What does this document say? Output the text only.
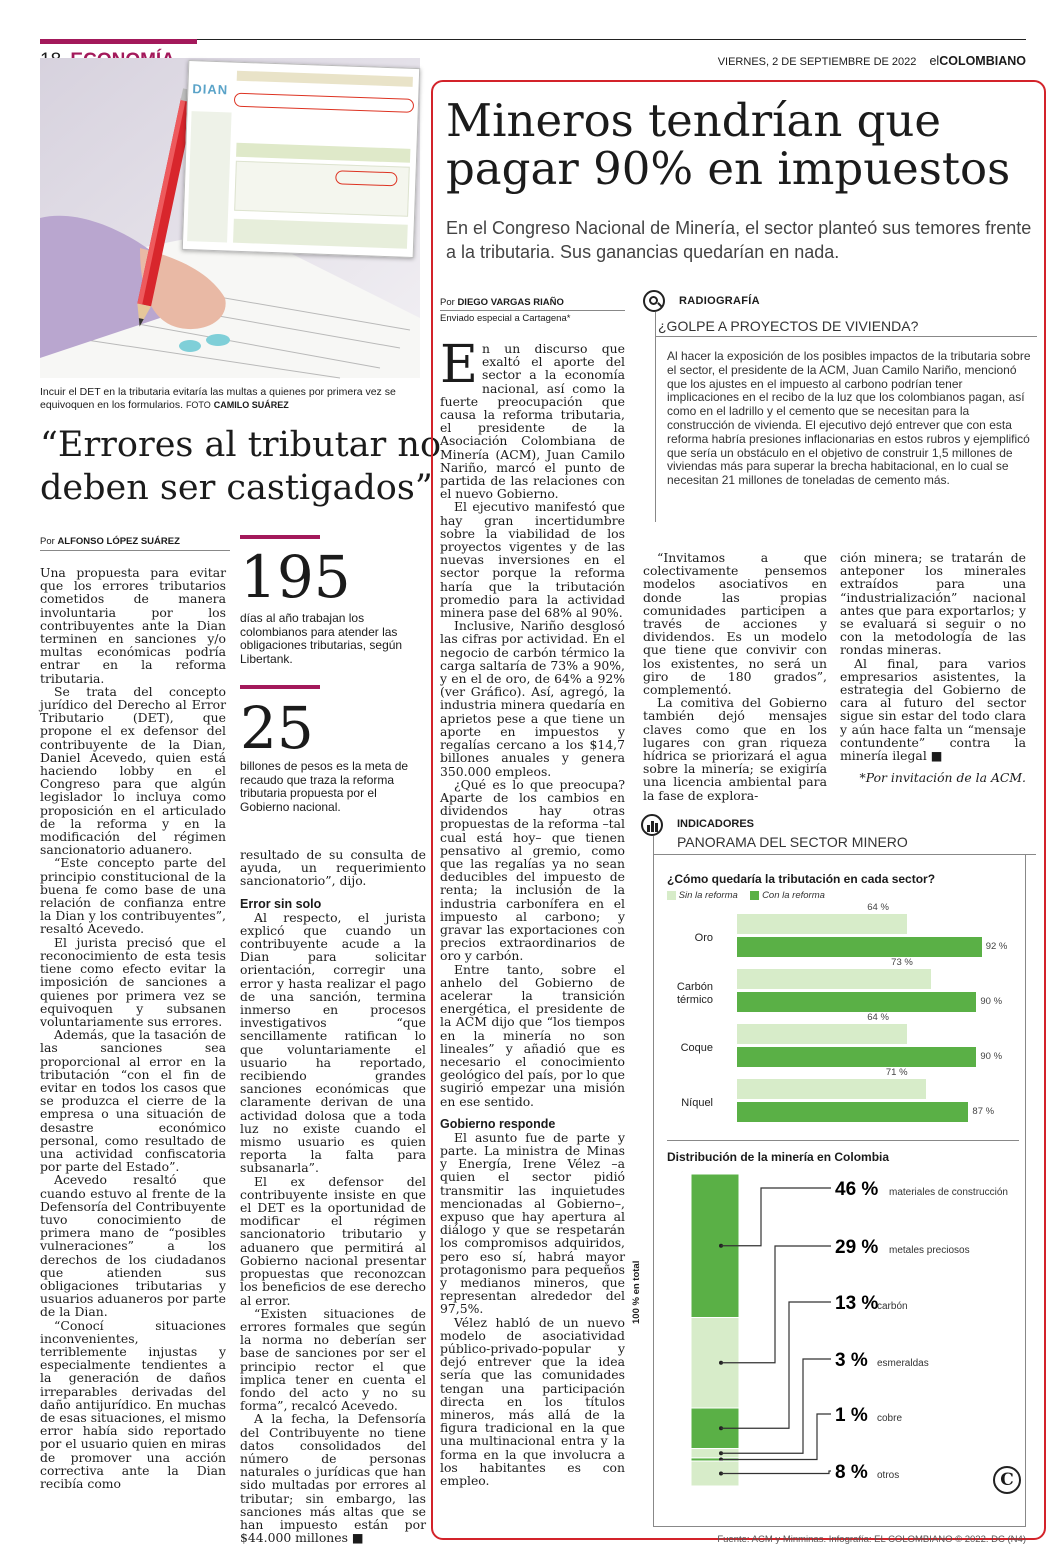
VIERNES, 2 DE SEPTIEMBRE DE 2022 elCOLOMBIANO
DIAN
Incuir el DET en la tributaria evitaría las multas a quienes por primera vez se equivoquen en los formularios. FOTO CAMILO SUÁREZ
“Errores al tributar no
deben ser castigados”
Por ALFONSO LÓPEZ SUÁREZ
195
días al año trabajan los colombianos para atender las obligaciones tributarias, según Libertank.
25
billones de pesos es la meta de recaudo que traza la reforma tributaria propuesta por el Gobierno nacional.

Una propuesta para evitar que los errores tributarios cometidos de manera involuntaria por los contribuyentes ante la Dian terminen en sanciones y/o multas económicas podría entrar en la reforma tributaria.

Se trata del concepto jurídico del Derecho al Error Tributario (DET), que propone el ex defensor del contribuyente de la Dian, Daniel Acevedo, quien está haciendo lobby en el Congreso para que algún legislador lo incluya como proposición en el articulado de la reforma y en la modificación del régimen sancionatorio aduanero.

“Este concepto parte del principio constitucional de la buena fe como base de una relación de confianza entre la Dian y los contribuyentes”, resaltó Acevedo.

El jurista precisó que el reconocimiento de esta tesis tiene como efecto evitar la imposición de sanciones a quienes por primera vez se equivoquen y subsanen voluntariamente sus errores.

Además, que la tasación de las sanciones sea proporcional al error en la tributación “con el fin de evitar en todos los casos que se produzca el cierre de la empresa o una situación de desastre económico personal, como resultado de una actividad confiscatoria por parte del Estado”.

Acevedo resaltó que cuando estuvo al frente de la Defensoría del Contribuyente tuvo conocimiento de primera mano de “posibles vulneraciones” a los derechos de los ciudadanos que atienden sus obligaciones tributarias y usuarios aduaneros por parte de la Dian.

“Conocí situaciones inconvenientes, terriblemente injustas y especialmente tendientes a la generación de daños irreparables derivadas del daño antijurídico. En muchas de esas situaciones, el mismo error había sido reportado por el usuario quien en miras de promover una acción correctiva ante la Dian recibía como

resultado de su consulta de ayuda, un requerimiento sancionatorio”, dijo.

Error sin solo

Al respecto, el jurista explicó que cuando un contribuyente acude a la Dian para solicitar orientación, corregir una error y hasta realizar el pago de una sanción, termina inmerso en procesos investigativos “que sencillamente ratifican lo que voluntariamente el usuario ha reportado, recibiendo grandes sanciones económicas que claramente derivan de una actividad dolosa que a toda luz no existe cuando el mismo usuario es quien reporta la falta para subsanarla”.

El ex defensor del contribuyente insiste en que el DET es la oportunidad de modificar el régimen sancionatorio tributario y aduanero que permitirá al Gobierno nacional presentar propuestas que reconozcan los beneficios de ese derecho al error.

“Existen situaciones de errores formales que según la norma no deberían ser base de sanciones por ser el principio rector el que implica tener en cuenta el fondo del acto y no su forma”, recalcó Acevedo.

A la fecha, la Defensoría del Contribuyente no tiene datos consolidados del número de personas naturales o jurídicas que han sido multadas por errores al tributar; sin embargo, las sanciones más altas que se han impuesto están por $44.000 millones ■

Mineros tendrían que
pagar 90% en impuestos
En el Congreso Nacional de Minería, el sector planteó sus temores frente a la tributaria. Sus ganancias quedarían en nada.
Por DIEGO VARGAS RIAÑO
Enviado especial a Cartagena*

En un discurso que exaltó el aporte del sector a la economía nacional, así como la fuerte preocupación que causa la reforma tributaria, el presidente de la Asociación Colombiana de Minería (ACM), Juan Camilo Nariño, marcó el punto de partida de las relaciones con el nuevo Gobierno.

El ejecutivo manifestó que hay gran incertidumbre sobre la viabilidad de los proyectos vigentes y de las nuevas inversiones en el sector porque la reforma haría que la tributación promedio para la actividad minera pase del 68% al 90%.

Inclusive, Nariño desglosó las cifras por actividad. En el negocio de carbón térmico la carga saltaría de 73% a 90%, y en el de oro, de 64% a 92% (ver Gráfico). Así, agregó, la industria minera quedaría en aprietos pese a que tiene un aporte en impuestos y regalías cercano a los $14,7 billones anuales y genera 350.000 empleos.

¿Qué es lo que preocupa? Aparte de los cambios en dividendos hay otras propuestas de la reforma –tal cual está hoy– que tienen pensativo al gremio, como que las regalías ya no sean deducibles del impuesto de renta; la inclusión de la industria carbonífera en el impuesto al carbono; y gravar las exportaciones con precios extraordinarios de oro y carbón.

Entre tanto, sobre el anhelo del Gobierno de acelerar la transición energética, el presidente de la ACM dijo que “los tiempos en la minería no son lineales” y añadió que es necesario el conocimiento geológico del país, por lo que sugirió empezar una misión en ese sentido.

Gobierno responde

El asunto fue de parte y parte. La ministra de Minas y Energía, Irene Vélez –a quien el sector pidió transmitir las inquietudes mencionadas al Gobierno–, expuso que hay apertura al diálogo y que se respetarán los compromisos adquiridos, pero eso sí, habrá mayor protagonismo para pequeños y medianos mineros, que representan alrededor del 97,5%.

Vélez habló de un nuevo modelo de asociatividad público-privado-popular y dejó entrever que la idea sería que las comunidades tengan una participación directa en los títulos mineros, más allá de la figura tradicional en la que una multinacional entra y la forma en la que involucra a los habitantes es con empleo.

RADIOGRAFÍA
¿GOLPE A PROYECTOS DE VIVIENDA?
Al hacer la exposición de los posibles impactos de la tributaria sobre el sector, el presidente de la ACM, Juan Camilo Nariño, mencionó que los ajustes en el impuesto al carbono podrían tener implicaciones en el recibo de la luz que los colombianos pagan, así como en el ladrillo y el cemento que se necesitan para la construcción de vivienda. El ejecutivo dejó entrever que con esta reforma habría presiones inflacionarias en estos rubros y ejemplificó que sería un obstáculo en el objetivo de construir 1,5 millones de viviendas más para superar la brecha habitacional, en lo cual se necesitan 21 millones de toneladas de cemento más.

“Invitamos a que colectivamente pensemos modelos asociativos en donde las propias comunidades participen a través de acciones y dividendos. Es un modelo que tiene que convivir con los existentes, no será un giro de 180 grados”, complementó.

La comitiva del Gobierno también dejó mensajes claves como que en los lugares con gran riqueza hídrica se priorizará el agua sobre la minería; se exigiría una licencia ambiental para la fase de explora-

ción minera; se tratarán de anteponer los minerales extraídos para una “industrialización” nacional antes que para exportarlos; y se evaluará si seguir o no con la metodología de las rondas mineras.

Al final, para varios empresarios asistentes, la estrategia del Gobierno de cara al futuro del sector sigue sin estar del todo clara y aún hace falta un “mensaje contundente” contra la minería ilegal ■

*Por invitación de la ACM.
INDICADORES
PANORAMA DEL SECTOR MINERO
¿Cómo quedaría la tributación en cada sector?
Sin la reforma	Con la reforma
Oro
64 %
92 %
Carbón
térmico
73 %
90 %
Coque
64 %
90 %
Níquel
71 %
87 %
Distribución de la minería en Colombia
100 % en total
46 % materiales de construcción
29 % metales preciosos
13 %
carbón
3 % esmeraldas
1 % cobre
8 % otros	C
Fuente: ACM y Minminas. Infografía: EL COLOMBIANO © 2022. DC (N4)
